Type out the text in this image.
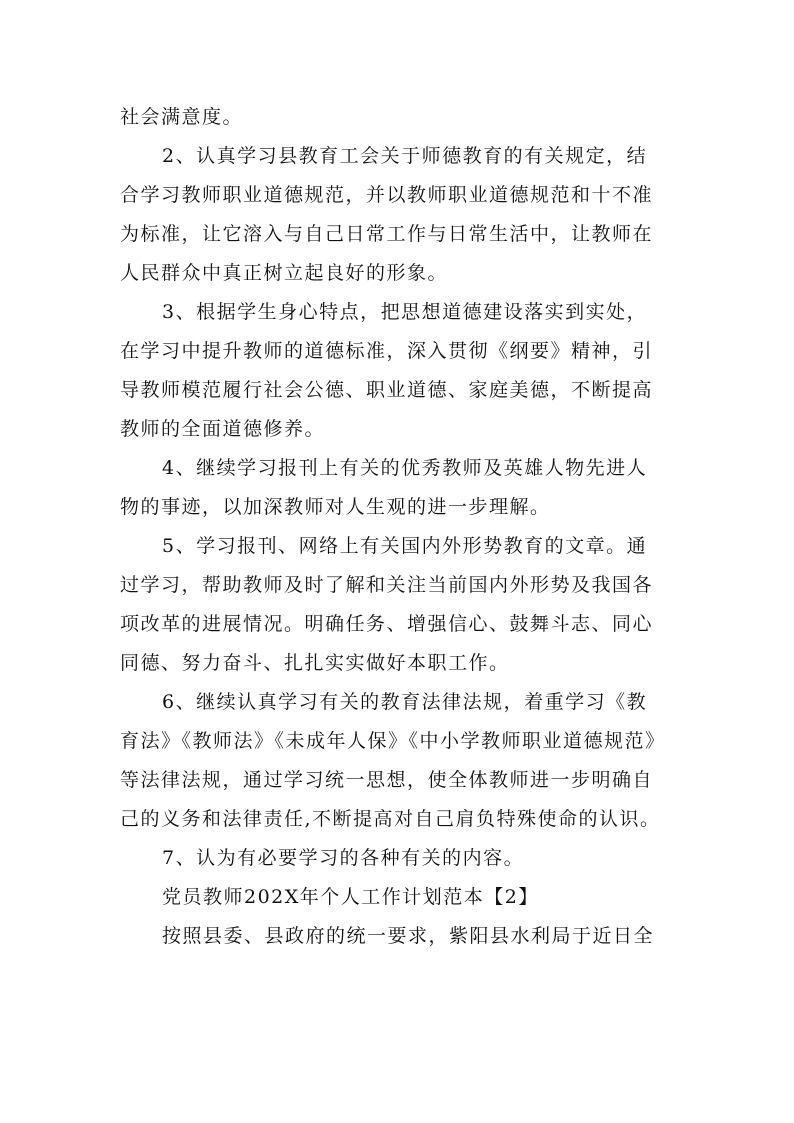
社会满意度。
2、认真学习县教育工会关于师德教育的有关规定，结
合学习教师职业道德规范，并以教师职业道德规范和十不准
为标准，让它溶入与自己日常工作与日常生活中，让教师在
人民群众中真正树立起良好的形象。
3、根据学生身心特点，把思想道德建设落实到实处，
在学习中提升教师的道德标准，深入贯彻《纲要》精神，引
导教师模范履行社会公德、职业道德、家庭美德，不断提高
教师的全面道德修养。
4、继续学习报刊上有关的优秀教师及英雄人物先进人
物的事迹，以加深教师对人生观的进一步理解。
5、学习报刊、网络上有关国内外形势教育的文章。通
过学习，帮助教师及时了解和关注当前国内外形势及我国各
项改革的进展情况。明确任务、增强信心、鼓舞斗志、同心
同德、努力奋斗、扎扎实实做好本职工作。
6、继续认真学习有关的教育法律法规，着重学习《教
育法》《教师法》《未成年人保》《中小学教师职业道德规范》
等法律法规，通过学习统一思想，使全体教师进一步明确自
己的义务和法律责任,不断提高对自己肩负特殊使命的认识。
7、认为有必要学习的各种有关的内容。
党员教师202X年个人工作计划范本【2】
按照县委、县政府的统一要求，紫阳县水利局于近日全
